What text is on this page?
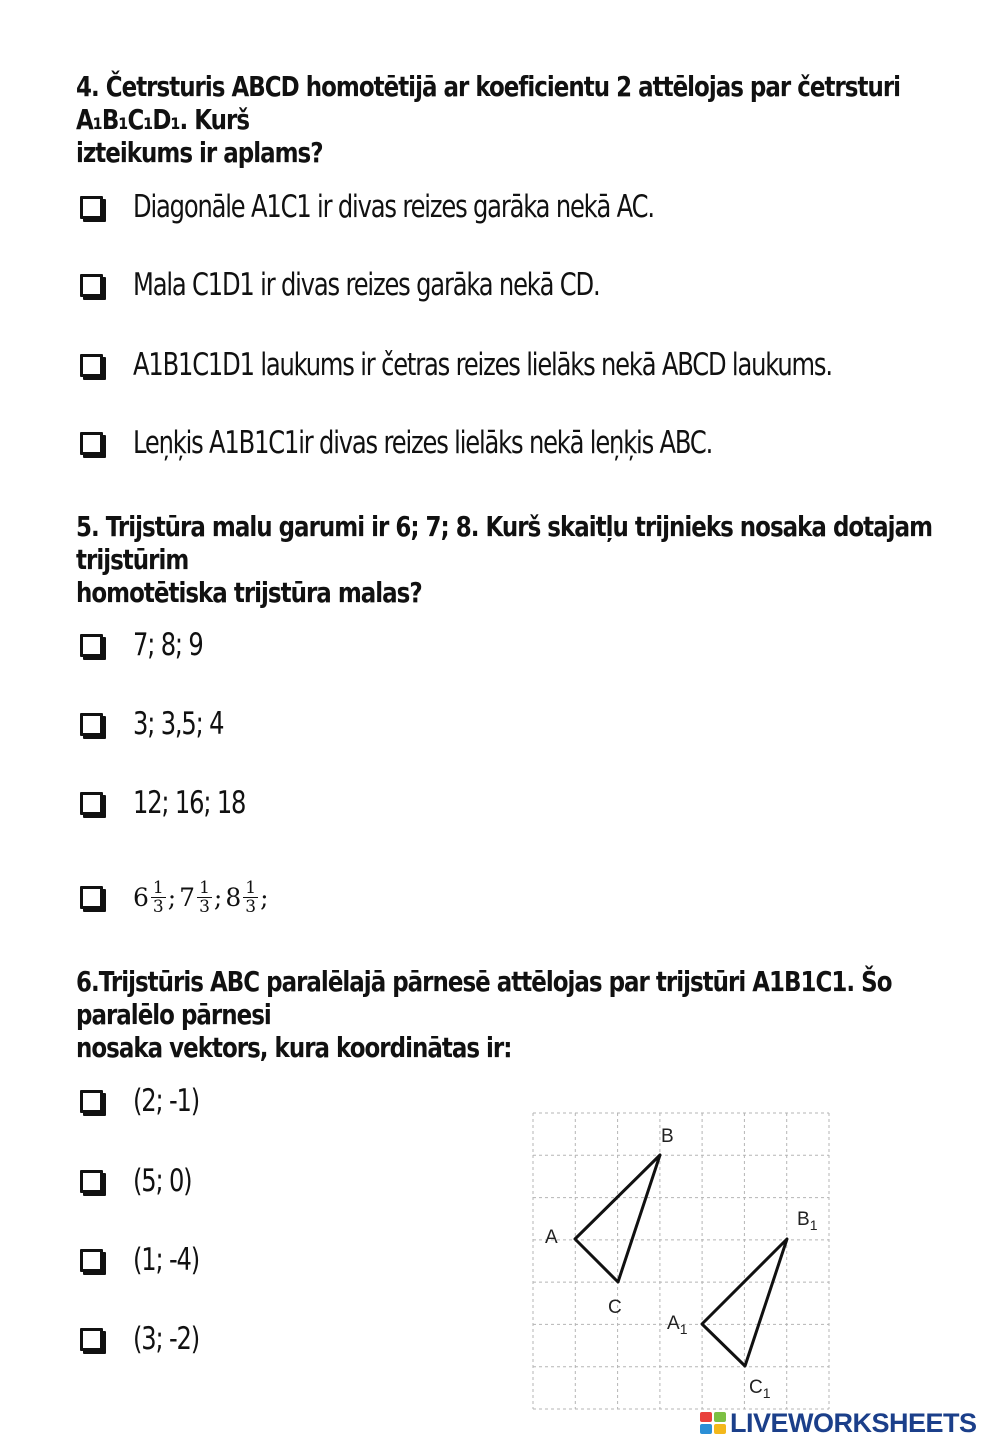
4. Četrsturis ABCD homotētijā ar koeficientu 2 attēlojas par četrsturi A₁B₁C₁D₁. Kurš
izteikums ir aplams?
Diagonāle A1C1 ir divas reizes garāka nekā AC.
Mala C1D1 ir divas reizes garāka nekā CD.
A1B1C1D1 laukums ir četras reizes lielāks nekā ABCD laukums.
Leņķis A1B1C1ir divas reizes lielāks nekā leņķis ABC.
5. Trijstūra malu garumi ir 6; 7; 8. Kurš skaitļu trijnieks nosaka dotajam trijstūrim
homotētiska trijstūra malas?
7; 8; 9
3; 3,5; 4
12; 16; 18
$6 \frac{1}{3}$ ; $7 \frac{1}{3}$ ; $8 \frac{1}{3}$ ;
6.Trijstūris ABC paralēlajā pārnesē attēlojas par trijstūri A1B1C1. Šo paralēlo pārnesi
nosaka vektors, kura koordinātas ir:
(2; -1)
(5; 0)
(1; -4)
(3; -2)
B
A
C
$B_1$
$A_1$
$C_1$
LIVEWORKSHEETS
